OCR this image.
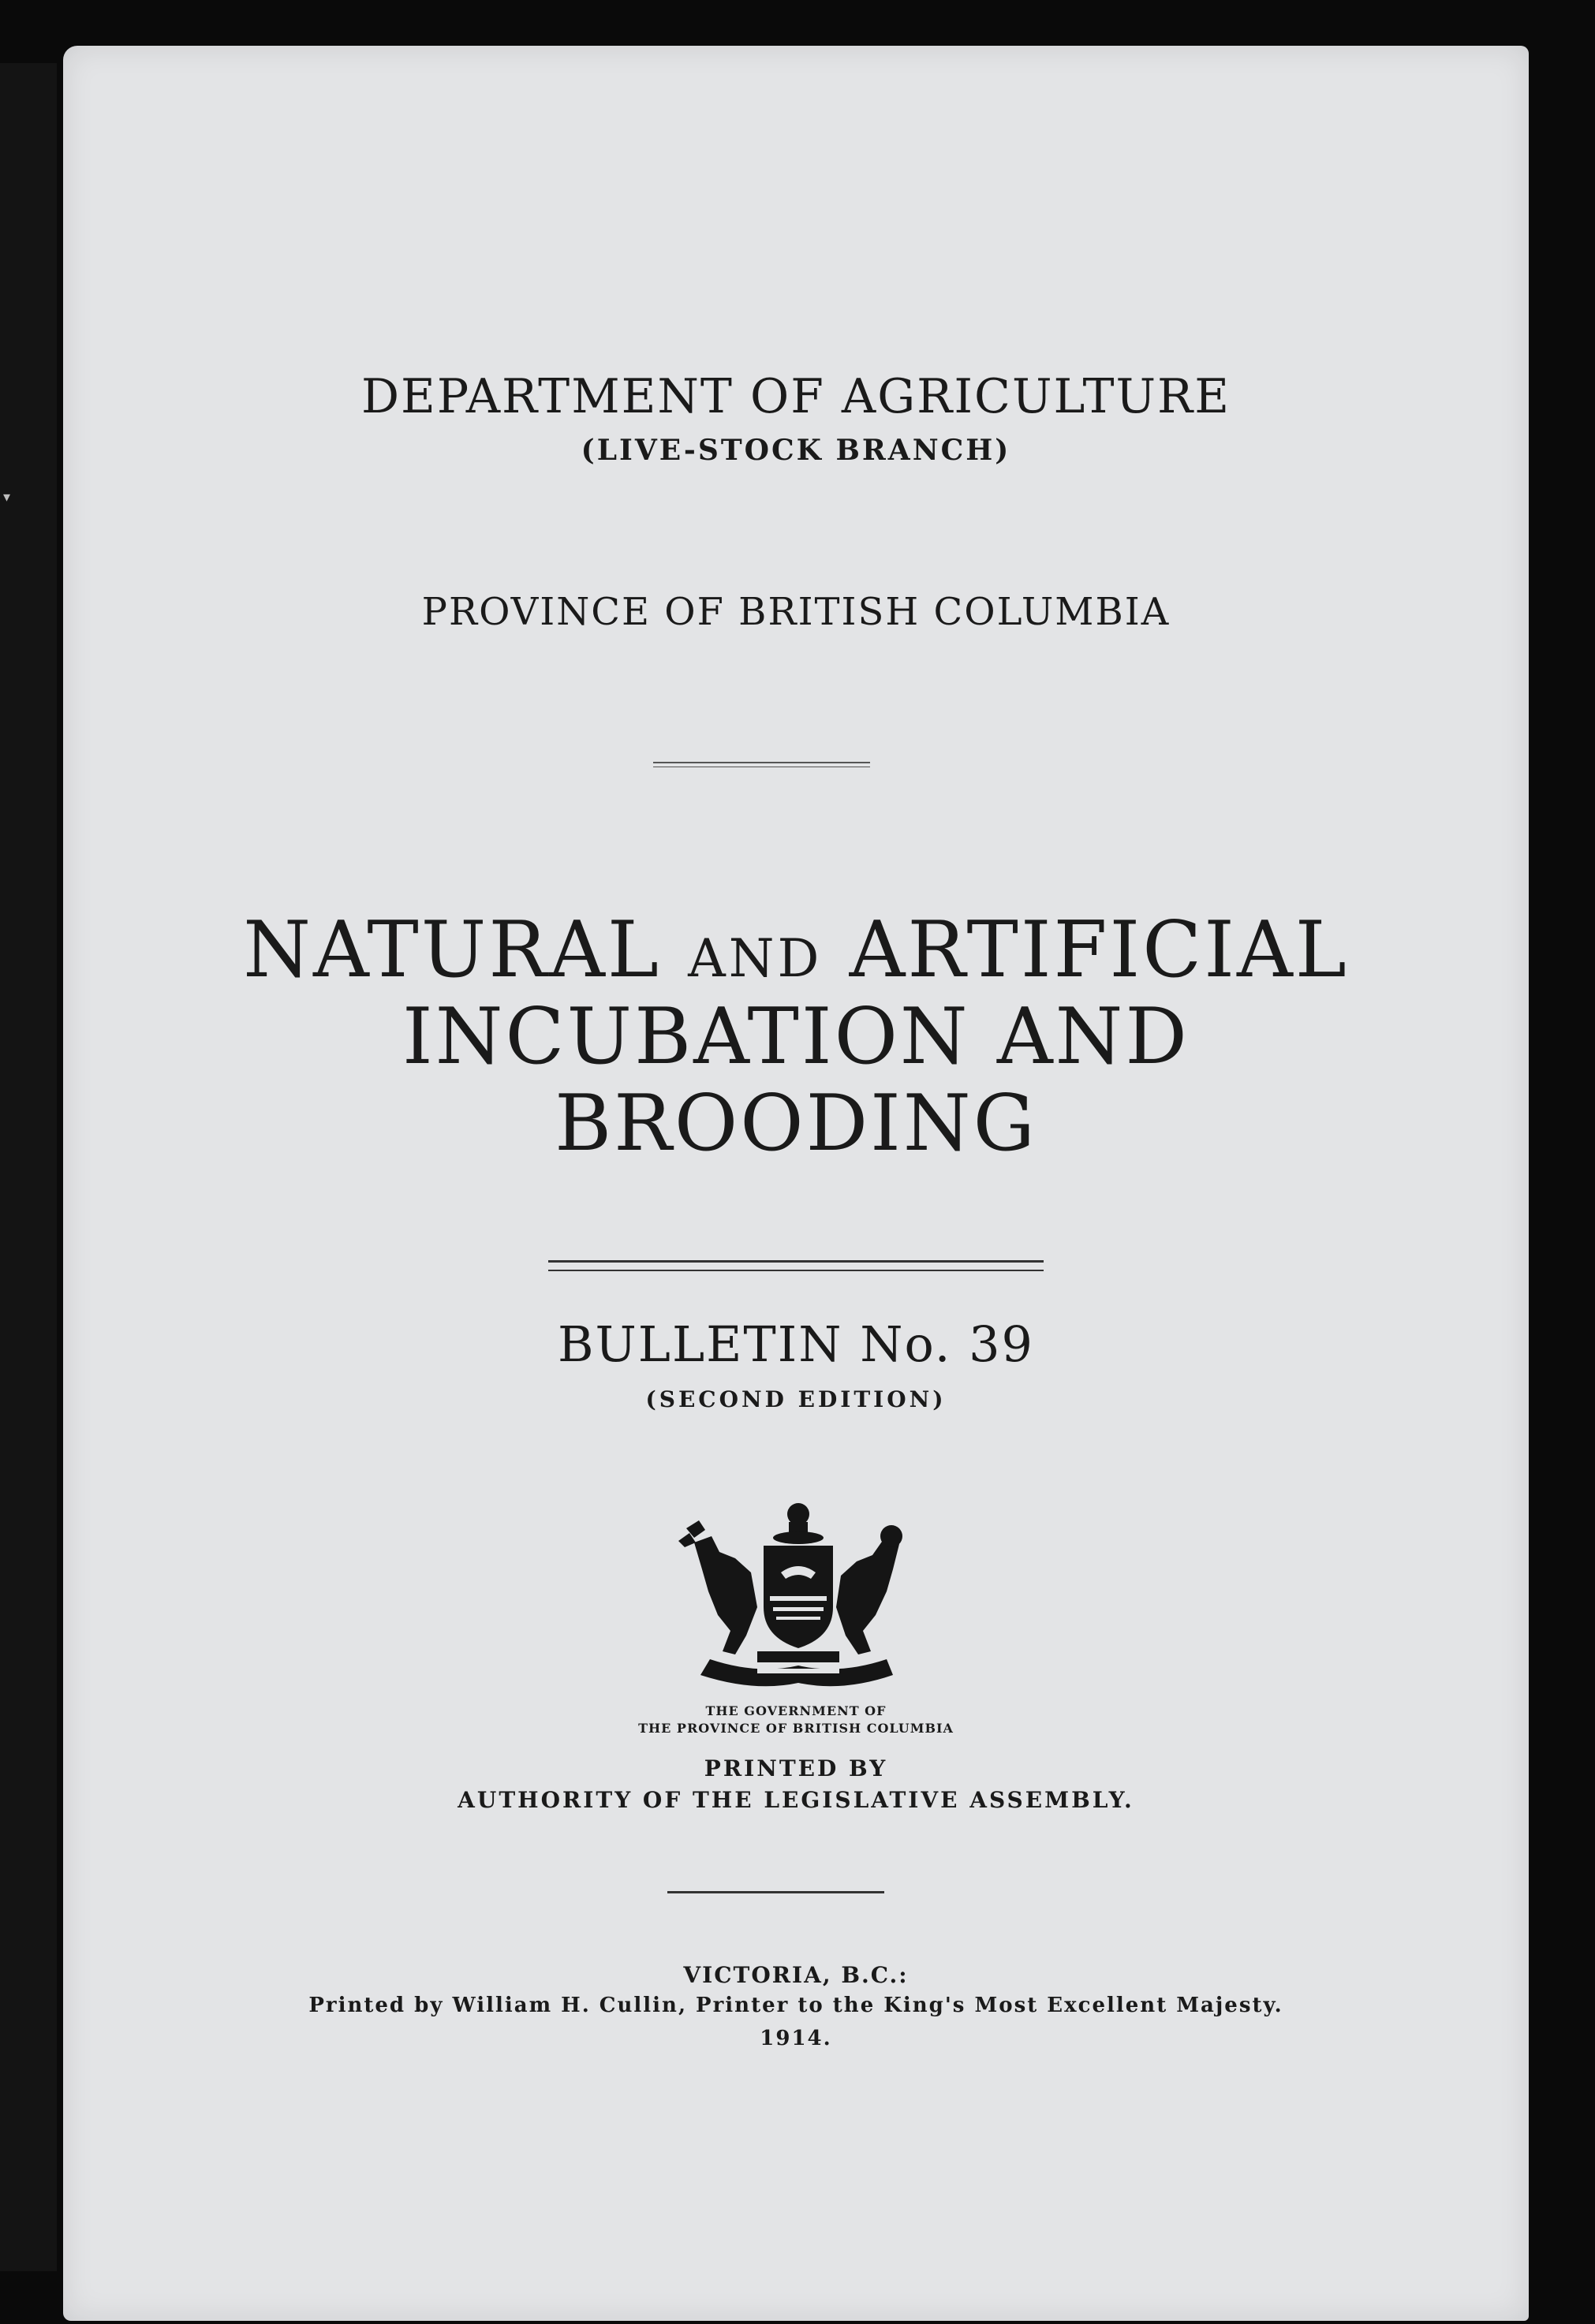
▾
DEPARTMENT OF AGRICULTURE
(LIVE-STOCK BRANCH)
PROVINCE OF BRITISH COLUMBIA
NATURAL AND ARTIFICIAL
INCUBATION AND
BROODING
BULLETIN No. 39
(SECOND EDITION)
THE GOVERNMENT OF
THE PROVINCE OF BRITISH COLUMBIA
PRINTED BY
AUTHORITY OF THE LEGISLATIVE ASSEMBLY.
VICTORIA, B.C.:
Printed by William H. Cullin, Printer to the King's Most Excellent Majesty.
1914.
